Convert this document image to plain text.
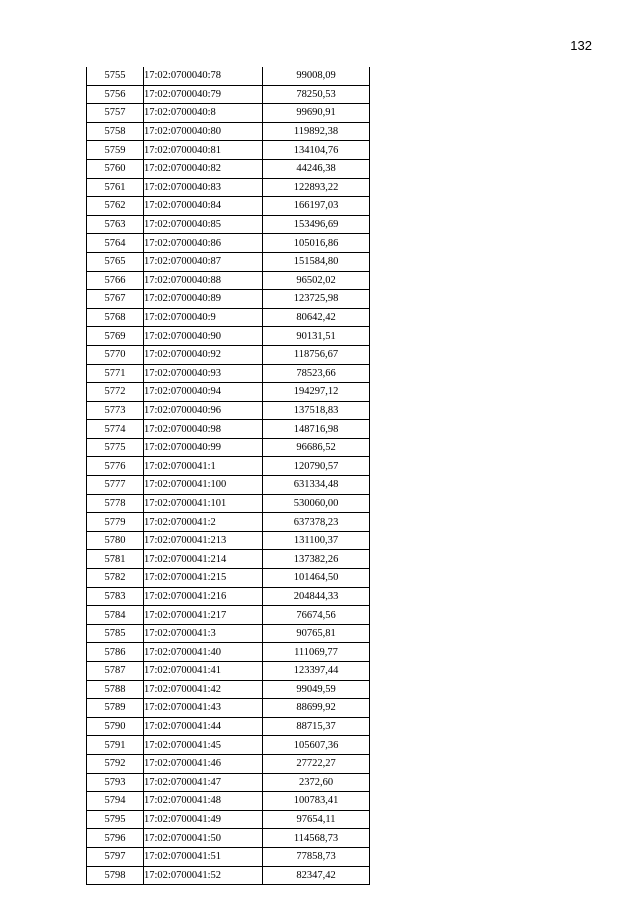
132
5755	17:02:0700040:78	99008,09
5756	17:02:0700040:79	78250,53
5757	17:02:0700040:8	99690,91
5758	17:02:0700040:80	119892,38
5759	17:02:0700040:81	134104,76
5760	17:02:0700040:82	44246,38
5761	17:02:0700040:83	122893,22
5762	17:02:0700040:84	166197,03
5763	17:02:0700040:85	153496,69
5764	17:02:0700040:86	105016,86
5765	17:02:0700040:87	151584,80
5766	17:02:0700040:88	96502,02
5767	17:02:0700040:89	123725,98
5768	17:02:0700040:9	80642,42
5769	17:02:0700040:90	90131,51
5770	17:02:0700040:92	118756,67
5771	17:02:0700040:93	78523,66
5772	17:02:0700040:94	194297,12
5773	17:02:0700040:96	137518,83
5774	17:02:0700040:98	148716,98
5775	17:02:0700040:99	96686,52
5776	17:02:0700041:1	120790,57
5777	17:02:0700041:100	631334,48
5778	17:02:0700041:101	530060,00
5779	17:02:0700041:2	637378,23
5780	17:02:0700041:213	131100,37
5781	17:02:0700041:214	137382,26
5782	17:02:0700041:215	101464,50
5783	17:02:0700041:216	204844,33
5784	17:02:0700041:217	76674,56
5785	17:02:0700041:3	90765,81
5786	17:02:0700041:40	111069,77
5787	17:02:0700041:41	123397,44
5788	17:02:0700041:42	99049,59
5789	17:02:0700041:43	88699,92
5790	17:02:0700041:44	88715,37
5791	17:02:0700041:45	105607,36
5792	17:02:0700041:46	27722,27
5793	17:02:0700041:47	2372,60
5794	17:02:0700041:48	100783,41
5795	17:02:0700041:49	97654,11
5796	17:02:0700041:50	114568,73
5797	17:02:0700041:51	77858,73
5798	17:02:0700041:52	82347,42
